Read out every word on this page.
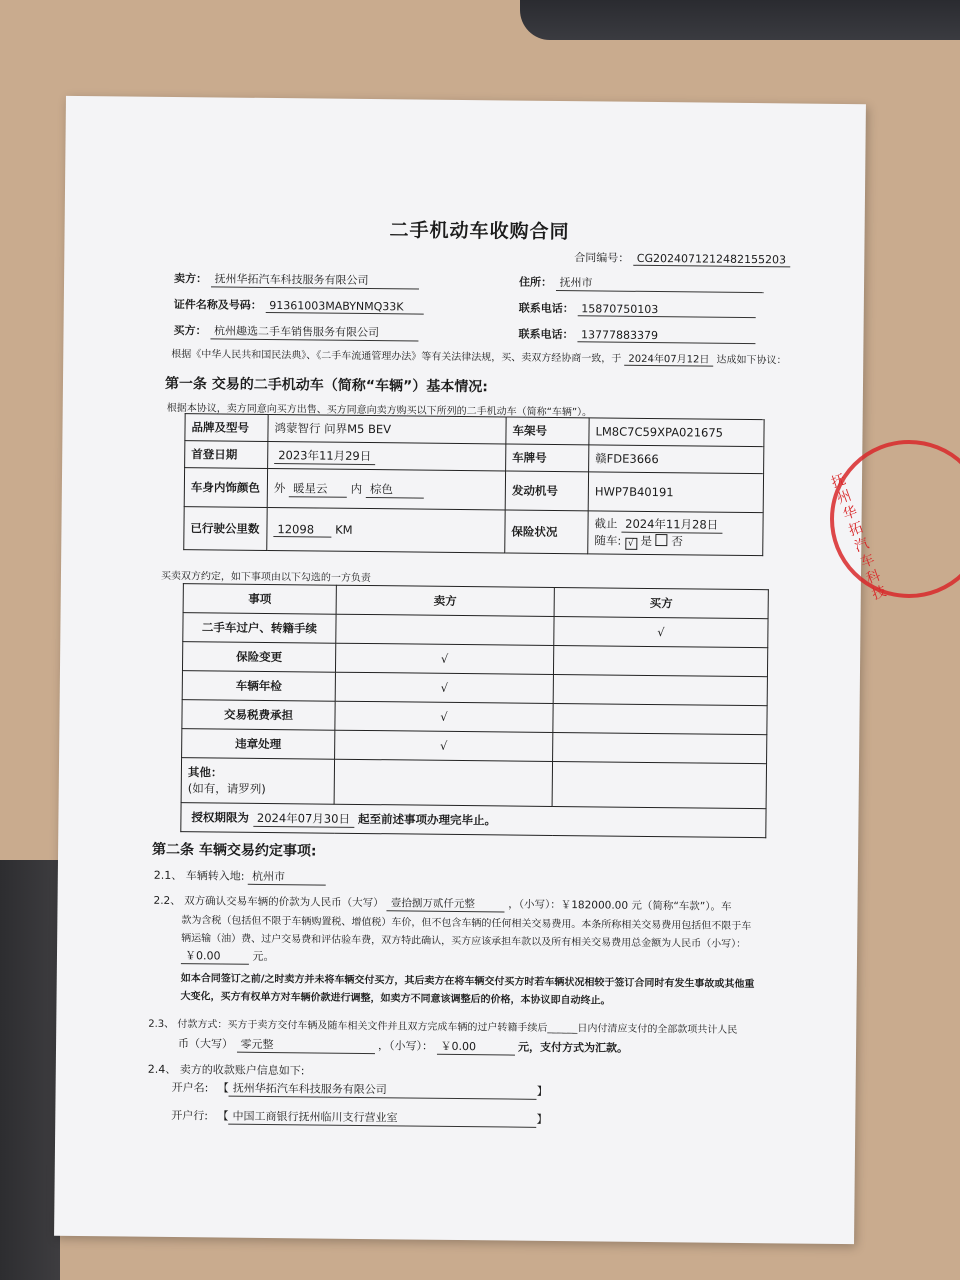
二手机动车收购合同
合同编号： CG20240712124821552​03
卖方： 抚州华拓汽车科技服务有限公司	住所： 抚州市
证件名称及号码： 91361003MABYNMQ33K	联系电话： 15870750103
买方： 杭州趣选二手车销售服务有限公司	联系电话： 13777883379
根据《中华人民共和国民法典》、《二手车流通管理办法》等有关法律法规，买、卖双方经协商一致，于 2024年07月12日 达成如下协议：
第一条 交易的二手机动车（简称“车辆”）基本情况:
根据本协议，卖方同意向买方出售、买方同意向卖方购买以下所列的二手机动车（简称“车辆”）。
品牌及型号	鸿蒙智行 问界M5 BEV	车架号	LM8C7C59XPA021675
首登日期	2023年11月29日	车牌号	赣FDE3666
车身内饰颜色	外 暖星云 内 棕色	发动机号	HWP7B40191
已行驶公里数	12098 KM	保险状况	截止 2024年11月28日
随车: √ 是 否
买卖双方约定，如下事项由以下勾选的一方负责
事项	卖方	买方
二手车过户、转籍手续		√
保险变更	√	
车辆年检	√	
交易税费承担	√	
违章处理	√	

其他：
(如有，请罗列)		

授权期限为 2024年07月30日 起至前述事项办理完毕止。		
第二条 车辆交易约定事项:
2.1、 车辆转入地: 杭州市
2.2、 双方确认交易车辆的价款为人民币（大写） 壹拾捌万贰仟元整	，（小写）：￥182000.00 元（简称“车款”）。车
款为含税（包括但不限于车辆购置税、增值税）车价，但不包含车辆的任何相关交易费用。本条所称相关交易费用包括但不限于车
辆运输（油）费、过户交易费和评估验车费，双方特此确认，买方应该承担车款以及所有相关交易费用总金额为人民币（小写）：
￥0.00	元。
如本合同签订之前/之时卖方并未将车辆交付买方，其后卖方在将车辆交付买方时若车辆状况相较于签订合同时有发生事故或其他重
大变化，买方有权单方对车辆价款进行调整，如卖方不同意该调整后的价格，本协议即自动终止。
2.3、 付款方式：买方于卖方交付车辆及随车相关文件并且双方完成车辆的过户转籍手续后______日内付清应支付的全部款项共计人民
币（大写） 零元整	，（小写）： ￥0.00	元，支付方式为汇款。
2.4、 卖方的收款账户信息如下:
开户名: 【 抚州华拓汽车科技服务有限公司	】
开户行: 【 中国工商银行抚州临川支行营业室	】
抚州华拓汽车科技
